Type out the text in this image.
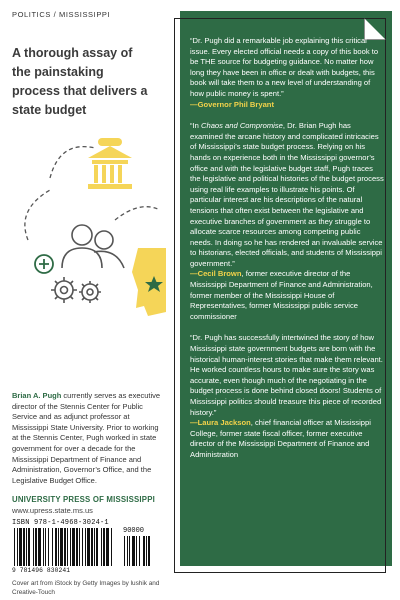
POLITICS / MISSISSIPPI
A thorough assay of the painstaking process that delivers a state budget
Brian A. Pugh currently serves as executive director of the Stennis Center for Public Service and as adjunct professor at Mississippi State University. Prior to working at the Stennis Center, Pugh worked in state government for over a decade for the Mississippi Department of Finance and Administration, Governor’s Office, and the Legislative Budget Office.
UNIVERSITY PRESS OF MISSISSIPPI
www.upress.state.ms.us
ISBN 978-1-4968-3024-1
90000
9 781496 830241
Cover art from iStock by Getty Images by lushik and Creative-Touch

“Dr. Pugh did a remarkable job explaining this critical issue. Every elected official needs a copy of this book to be THE source for budgeting guidance. No matter how long they have been in office or dealt with budgets, this book will take them to a new level of understanding of how public money is spent.”
—Governor Phil Bryant

“In Chaos and Compromise, Dr. Brian Pugh has examined the arcane history and complicated intricacies of Mississippi’s state budget process. Relying on his hands on experience both in the Mississippi governor’s office and with the legislative budget staff, Pugh traces the legislative and political histories of the budget process using real life examples to illustrate his points. Of particular interest are his descriptions of the natural tensions that often exist between the legislative and executive branches of government as they struggle to allocate scarce resources among competing public needs. In doing so he has rendered an invaluable service to historians, elected officials, and students of Mississippi government.”
—Cecil Brown, former executive director of the Mississippi Department of Finance and Administration, former member of the Mississippi House of Representatives, former Mississippi public service commissioner

“Dr. Pugh has successfully intertwined the story of how Mississippi state government budgets are born with the historical human-interest stories that make them relevant. He worked countless hours to make sure the story was accurate, even though much of the negotiating in the budget process is done behind closed doors! Students of Mississippi politics should treasure this piece of recorded history.”
—Laura Jackson, chief financial officer at Mississippi College, former state fiscal officer, former executive director of the Mississippi Department of Finance and Administration
